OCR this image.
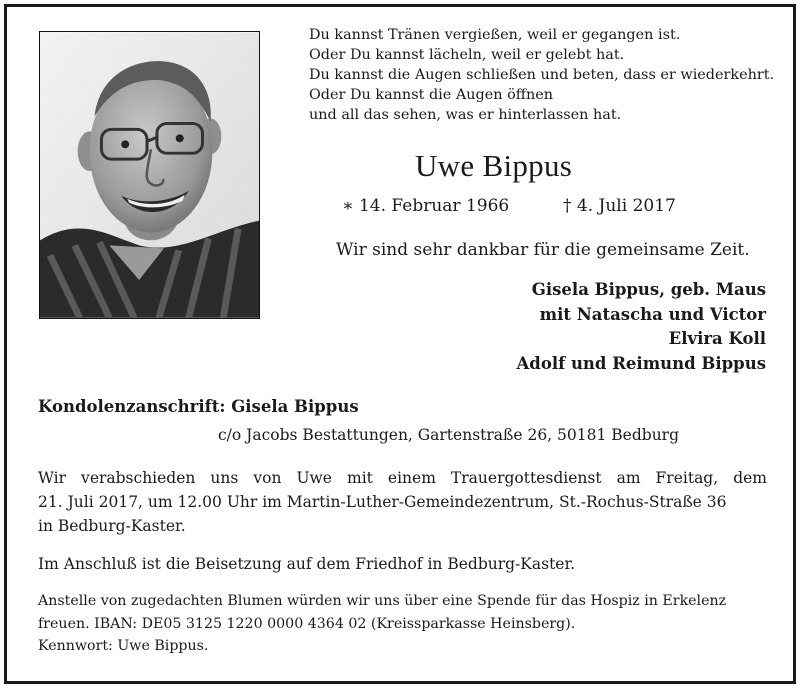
Du kannst Tränen vergießen, weil er gegangen ist.
Oder Du kannst lächeln, weil er gelebt hat.
Du kannst die Augen schließen und beten, dass er wiederkehrt.
Oder Du kannst die Augen öffnen
und all das sehen, was er hinterlassen hat.
Uwe Bippus
∗ 14. Februar 1966	† 4. Juli 2017
Wir sind sehr dankbar für die gemeinsame Zeit.
Gisela Bippus, geb. Maus
mit Natascha und Victor
Elvira Koll
Adolf und Reimund Bippus
Kondolenzanschrift: Gisela Bippus
c/o Jacobs Bestattungen, Gartenstraße 26, 50181 Bedburg
Wir verabschieden uns von Uwe mit einem Trauergottesdienst am Freitag, dem
21. Juli 2017, um 12.00 Uhr im Martin-Luther-Gemeindezentrum, St.-Rochus-Straße 36
in Bedburg-Kaster.
Im Anschluß ist die Beisetzung auf dem Friedhof in Bedburg-Kaster.
Anstelle von zugedachten Blumen würden wir uns über eine Spende für das Hospiz in Erkelenz
freuen. IBAN: DE05 3125 1220 0000 4364 02 (Kreissparkasse Heinsberg).
Kennwort: Uwe Bippus.
